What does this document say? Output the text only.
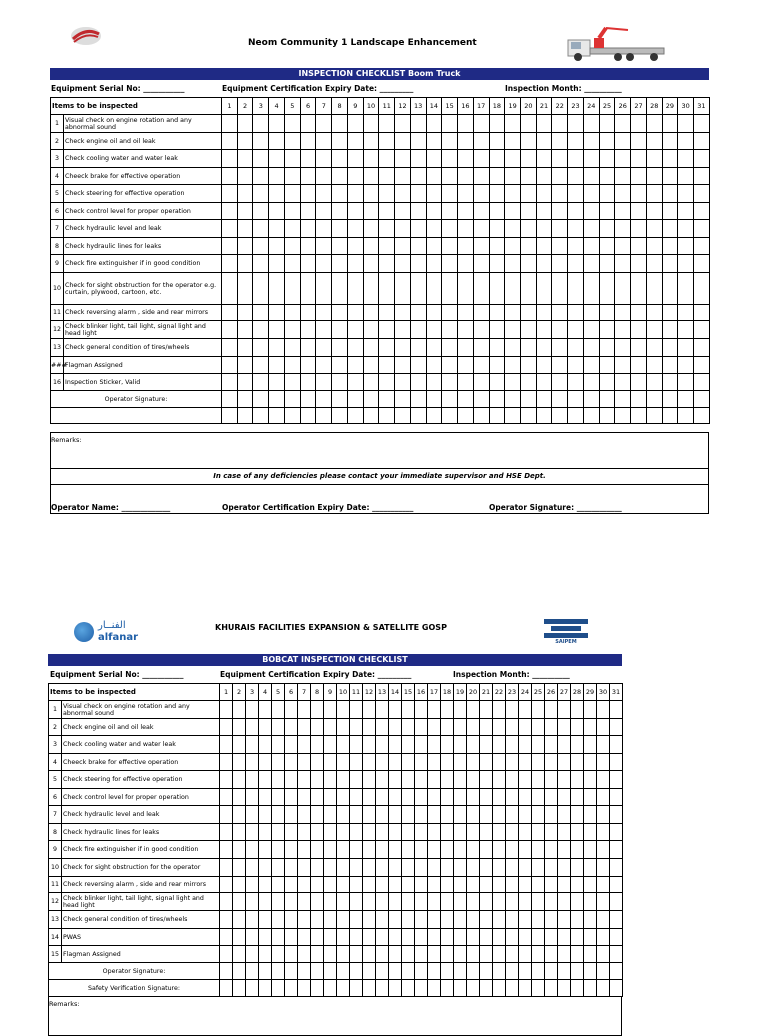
Neom Community 1 Landscape Enhancement
INSPECTION CHECKLIST Boom Truck
Equipment Serial No: ___________	Equipment Certification Expiry Date: _________	Inspection Month: __________
Items to be inspected		1	2	3	4	5	6	7	8	9	10	11	12	13	14	15	16	17	18	19	20	21	22	23	24	25	26	27	28	29	30	31
1	Visual check on engine rotation and any abnormal sound																															
2	Check engine oil and oil leak																															
3	Check cooling water and water leak																															
4	Cheeck brake for effective operation																															
5	Check steering for effective operation																															
6	Check control level for proper operation																															
7	Check hydraulic level and leak																															
8	Check hydraulic lines for leaks																															
9	Check fire extinguisher if in good condition																															
10	Check for sight obstruction for the operator e.g. curtain, plywood, cartoon, etc.																															
11	Check reversing alarm , side and rear mirrors																															
12	Check blinker light, tail light, signal light and head light																															
13	Check general condition of tires/wheels																															
###	Flagman Assigned																															
16	Inspection Sticker, Valid																															
Operator Signature:																																

Remarks:
In case of any deficiencies please contact your immediate supervisor and HSE Dept.
Operator Name: _____________	Operator Certification Expiry Date: ___________	Operator Signature: ____________
الفنــار
alfanar
KHURAIS FACILITIES EXPANSION & SATELLITE GOSP
SAIPEM
BOBCAT INSPECTION CHECKLIST
Equipment Serial No: ___________	Equipment Certification Expiry Date: _________	Inspection Month: __________
Items to be inspected		1	2	3	4	5	6	7	8	9	10	11	12	13	14	15	16	17	18	19	20	21	22	23	24	25	26	27	28	29	30	31
1	Visual check on engine rotation and any abnormal sound																															
2	Check engine oil and oil leak																															
3	Check cooling water and water leak																															
4	Cheeck brake for effective operation																															
5	Check steering for effective operation																															
6	Check control level for proper operation																															
7	Check hydraulic level and leak																															
8	Check hydraulic lines for leaks																															
9	Check fire extinguisher if in good condition																															
10	Check for sight obstruction for the operator																															
11	Check reversing alarm , side and rear mirrors																															
12	Check blinker light, tail light, signal light and head light																															
13	Check general condition of tires/wheels																															
14	PWAS																															
15	Flagman Assigned																															
Operator Signature:																																
Safety Verification Signature:																																
Remarks:
